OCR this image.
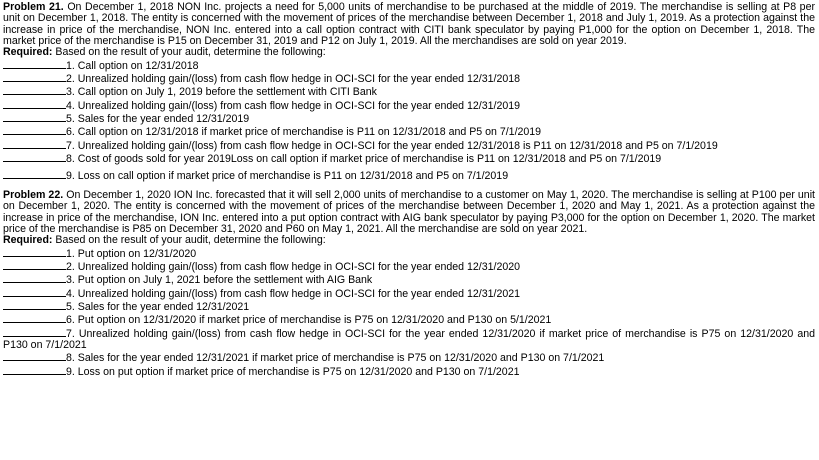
Problem 21. On December 1, 2018 NON Inc. projects a need for 5,000 units of merchandise to be purchased at the middle of 2019. The merchandise is selling at P8 per unit on December 1, 2018. The entity is concerned with the movement of prices of the merchandise between December 1, 2018 and July 1, 2019. As a protection against the increase in price of the merchandise, NON Inc. entered into a call option contract with CITI bank speculator by paying P1,000 for the option on December 1, 2018. The market price of the merchandise is P15 on December 31, 2019 and P12 on July 1, 2019. All the merchandises are sold on year 2019.

Required: Based on the result of your audit, determine the following:

1. Call option on 12/31/2018

2. Unrealized holding gain/(loss) from cash flow hedge in OCI-SCI for the year ended 12/31/2018

3. Call option on July 1, 2019 before the settlement with CITI Bank

4. Unrealized holding gain/(loss) from cash flow hedge in OCI-SCI for the year ended 12/31/2019

5. Sales for the year ended 12/31/2019

6. Call option on 12/31/2018 if market price of merchandise is P11 on 12/31/2018 and P5 on 7/1/2019

7. Unrealized holding gain/(loss) from cash flow hedge in OCI-SCI for the year ended 12/31/2018 is P11 on 12/31/2018 and P5 on 7/1/2019

8. Cost of goods sold for year 2019Loss on call option if market price of merchandise is P11 on 12/31/2018 and P5 on 7/1/2019

9. Loss on call option if market price of merchandise is P11 on 12/31/2018 and P5 on 7/1/2019

Problem 22. On December 1, 2020 ION Inc. forecasted that it will sell 2,000 units of merchandise to a customer on May 1, 2020. The merchandise is selling at P100 per unit on December 1, 2020. The entity is concerned with the movement of prices of the merchandise between December 1, 2020 and May 1, 2021. As a protection against the increase in price of the merchandise, ION Inc. entered into a put option contract with AIG bank speculator by paying P3,000 for the option on December 1, 2020. The market price of the merchandise is P85 on December 31, 2020 and P60 on May 1, 2021. All the merchandise are sold on year 2021.

Required: Based on the result of your audit, determine the following:

1. Put option on 12/31/2020

2. Unrealized holding gain/(loss) from cash flow hedge in OCI-SCI for the year ended 12/31/2020

3. Put option on July 1, 2021 before the settlement with AIG Bank

4. Unrealized holding gain/(loss) from cash flow hedge in OCI-SCI for the year ended 12/31/2021

5. Sales for the year ended 12/31/2021

6. Put option on 12/31/2020 if market price of merchandise is P75 on 12/31/2020 and P130 on 5/1/2021

7. Unrealized holding gain/(loss) from cash flow hedge in OCI-SCI for the year ended 12/31/2020 if market price of merchandise is P75 on 12/31/2020 and P130 on 7/1/2021

8. Sales for the year ended 12/31/2021 if market price of merchandise is P75 on 12/31/2020 and P130 on 7/1/2021

9. Loss on put option if market price of merchandise is P75 on 12/31/2020 and P130 on 7/1/2021
